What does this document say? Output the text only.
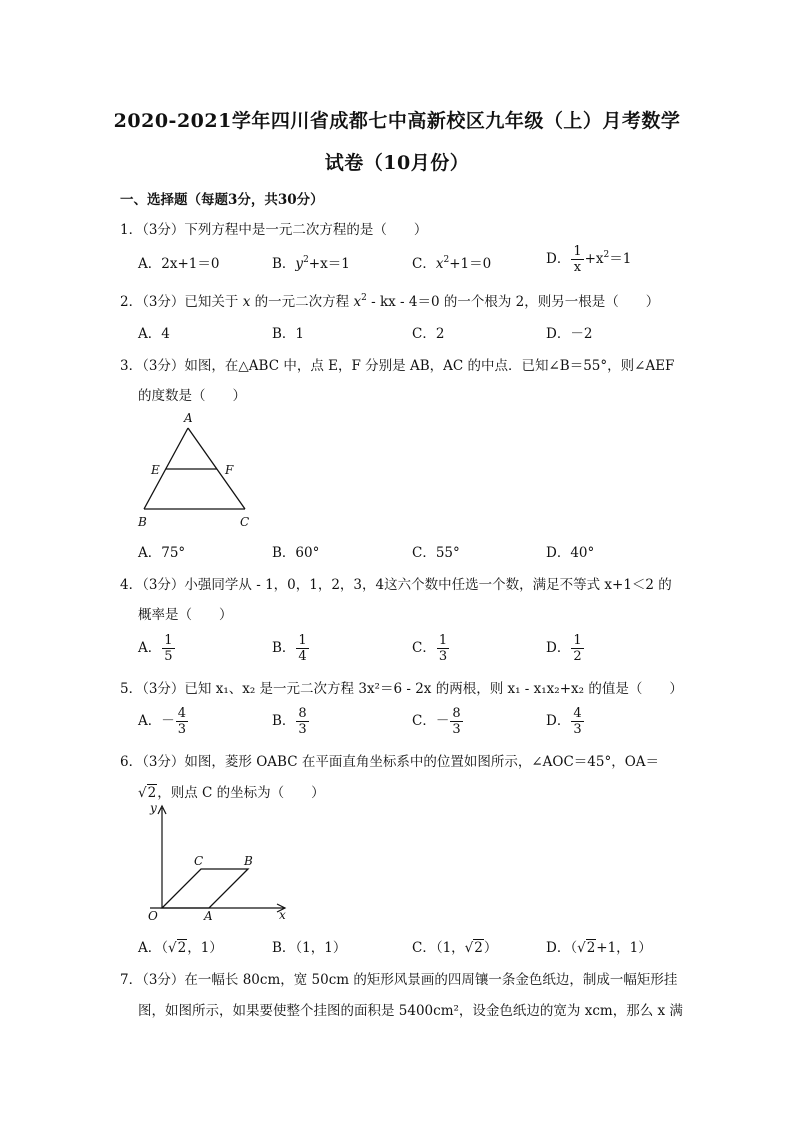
2020-2021学年四川省成都七中高新校区九年级（上）月考数学
试卷（10月份）
一、选择题（每题3分，共30分）
1．（3分）下列方程中是一元二次方程的是（　　）
A．2x+1＝0	B．$y^2+x=1$	C．$x^2+1=0$	D． $\frac{1}{x} +x^2=1$
2．（3分）已知关于 x 的一元二次方程 $x^2$ - kx - 4＝0 的一个根为 2，则另一根是（　　）
A．4	B．1	C．2	D．－2
3．（3分）如图，在△ABC 中，点 E，F 分别是 AB，AC 的中点．已知∠B＝55°，则∠AEF
的度数是（　　）
A
E	F
B	C
A．75°	B．60°	C．55°	D．40°
4．（3分）小强同学从 - 1，0，1，2，3，4这六个数中任选一个数，满足不等式 x+1＜2 的
概率是（　　）
A． $\frac{1}{5}$	B． $\frac{1}{4}$	C． $\frac{1}{3}$	D． $\frac{1}{2}$
5．（3分）已知 x₁、x₂ 是一元二次方程 3x²＝6 - 2x 的两根，则 x₁ - x₁x₂+x₂ 的值是（　　）
A．－ $\frac{4}{3}$	B． $\frac{8}{3}$	C．－ $\frac{8}{3}$	D． $\frac{4}{3}$
6．（3分）如图，菱形 OABC 在平面直角坐标系中的位置如图所示，∠AOC＝45°，OA＝
√2，则点 C 的坐标为（　　）
y
x
O	A
B
C
A．（√2，1）	B．（1，1）	C．（1，√2）	D．（√2+1，1）
7．（3分）在一幅长 80cm，宽 50cm 的矩形风景画的四周镶一条金色纸边，制成一幅矩形挂
图，如图所示，如果要使整个挂图的面积是 5400cm²，设金色纸边的宽为 xcm，那么 x 满
